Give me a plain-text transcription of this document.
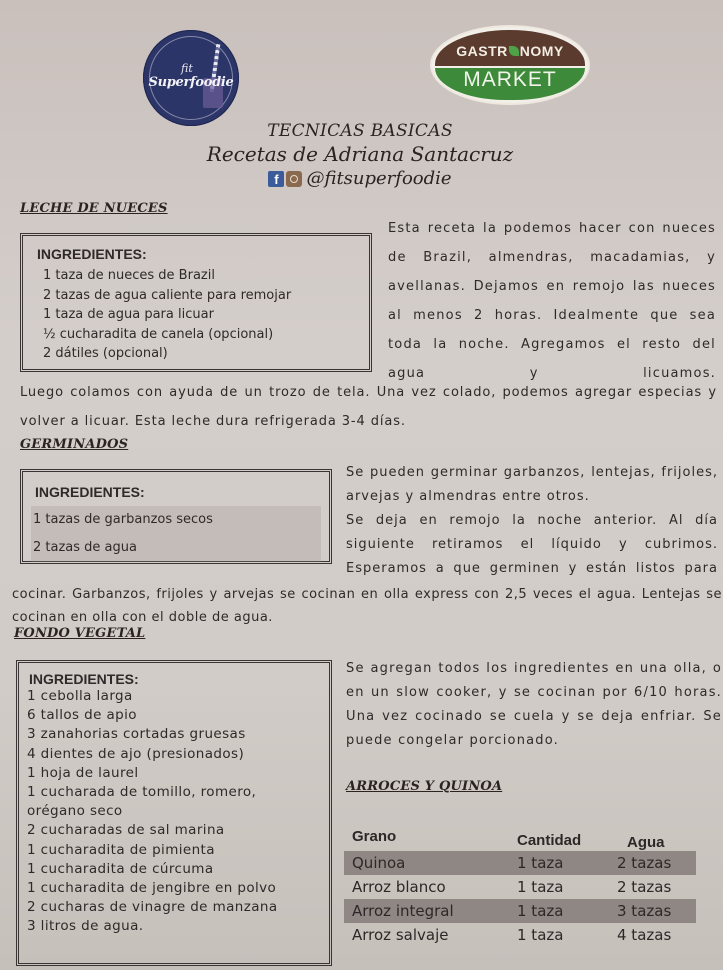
fit
Superfoodie
GASTR NOMY
MARKET
TECNICAS BASICAS
Recetas de Adriana Santacruz
f	@fitsuperfoodie
LECHE DE NUECES
INGREDIENTES:
1 taza de nueces de Brazil
2 tazas de agua caliente para remojar
1 taza de agua para licuar
½ cucharadita de canela (opcional)
2 dátiles (opcional)
Esta receta la podemos hacer con nueces de Brazil, almendras, macadamias, y avellanas. Dejamos en remojo las nueces al menos 2 horas. Idealmente que sea toda la noche. Agregamos el resto del agua y licuamos.
Luego colamos con ayuda de un trozo de tela. Una vez colado, podemos agregar especias y volver a licuar. Esta leche dura refrigerada 3-4 días.
GERMINADOS
INGREDIENTES:
1 tazas de garbanzos secos
2 tazas de agua
Se pueden germinar garbanzos, lentejas, frijoles, arvejas y almendras entre otros.
Se deja en remojo la noche anterior. Al día siguiente retiramos el líquido y cubrimos. Esperamos a que germinen y están listos para
cocinar. Garbanzos, frijoles y arvejas se cocinan en olla express con 2,5 veces el agua. Lentejas se cocinan en olla con el doble de agua.
FONDO VEGETAL
INGREDIENTES:
1 cebolla larga
6 tallos de apio
3 zanahorias cortadas gruesas
4 dientes de ajo (presionados)
1 hoja de laurel
1 cucharada de tomillo, romero,
orégano seco
2 cucharadas de sal marina
1 cucharadita de pimienta
1 cucharadita de cúrcuma
1 cucharadita de jengibre en polvo
2 cucharas de vinagre de manzana
3 litros de agua.
Se agregan todos los ingredientes en una olla, o en un slow cooker, y se cocinan por 6/10 horas. Una vez cocinado se cuela y se deja enfriar. Se puede congelar porcionado.
ARROCES Y QUINOA
Grano	Cantidad	Agua
Quinoa	1 taza	2 tazas
Arroz blanco	1 taza	2 tazas
Arroz integral	1 taza	3 tazas
Arroz salvaje	1 taza	4 tazas
